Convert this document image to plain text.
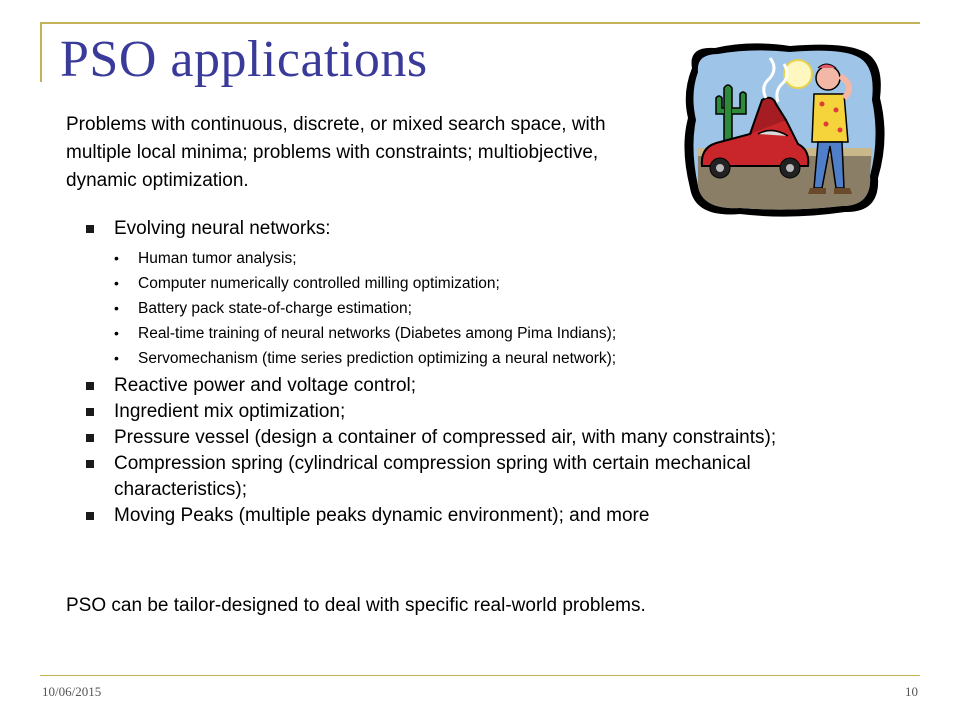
PSO applications

Problems with continuous, discrete, or mixed search space, with multiple local minima; problems with constraints; multiobjective, dynamic optimization.

Evolving neural networks:
• Human tumor analysis;
• Computer numerically controlled milling optimization;
• Battery pack state-of-charge estimation;
• Real-time training of neural networks (Diabetes among Pima Indians);
• Servomechanism (time series prediction optimizing a neural network);
Reactive power and voltage control;
Ingredient mix optimization;
Pressure vessel (design a container of compressed air, with many constraints);
Compression spring (cylindrical compression spring with certain mechanical characteristics);
Moving Peaks (multiple peaks dynamic environment); and more

PSO can be tailor-designed to deal with specific real-world problems.

10/06/2015	10
